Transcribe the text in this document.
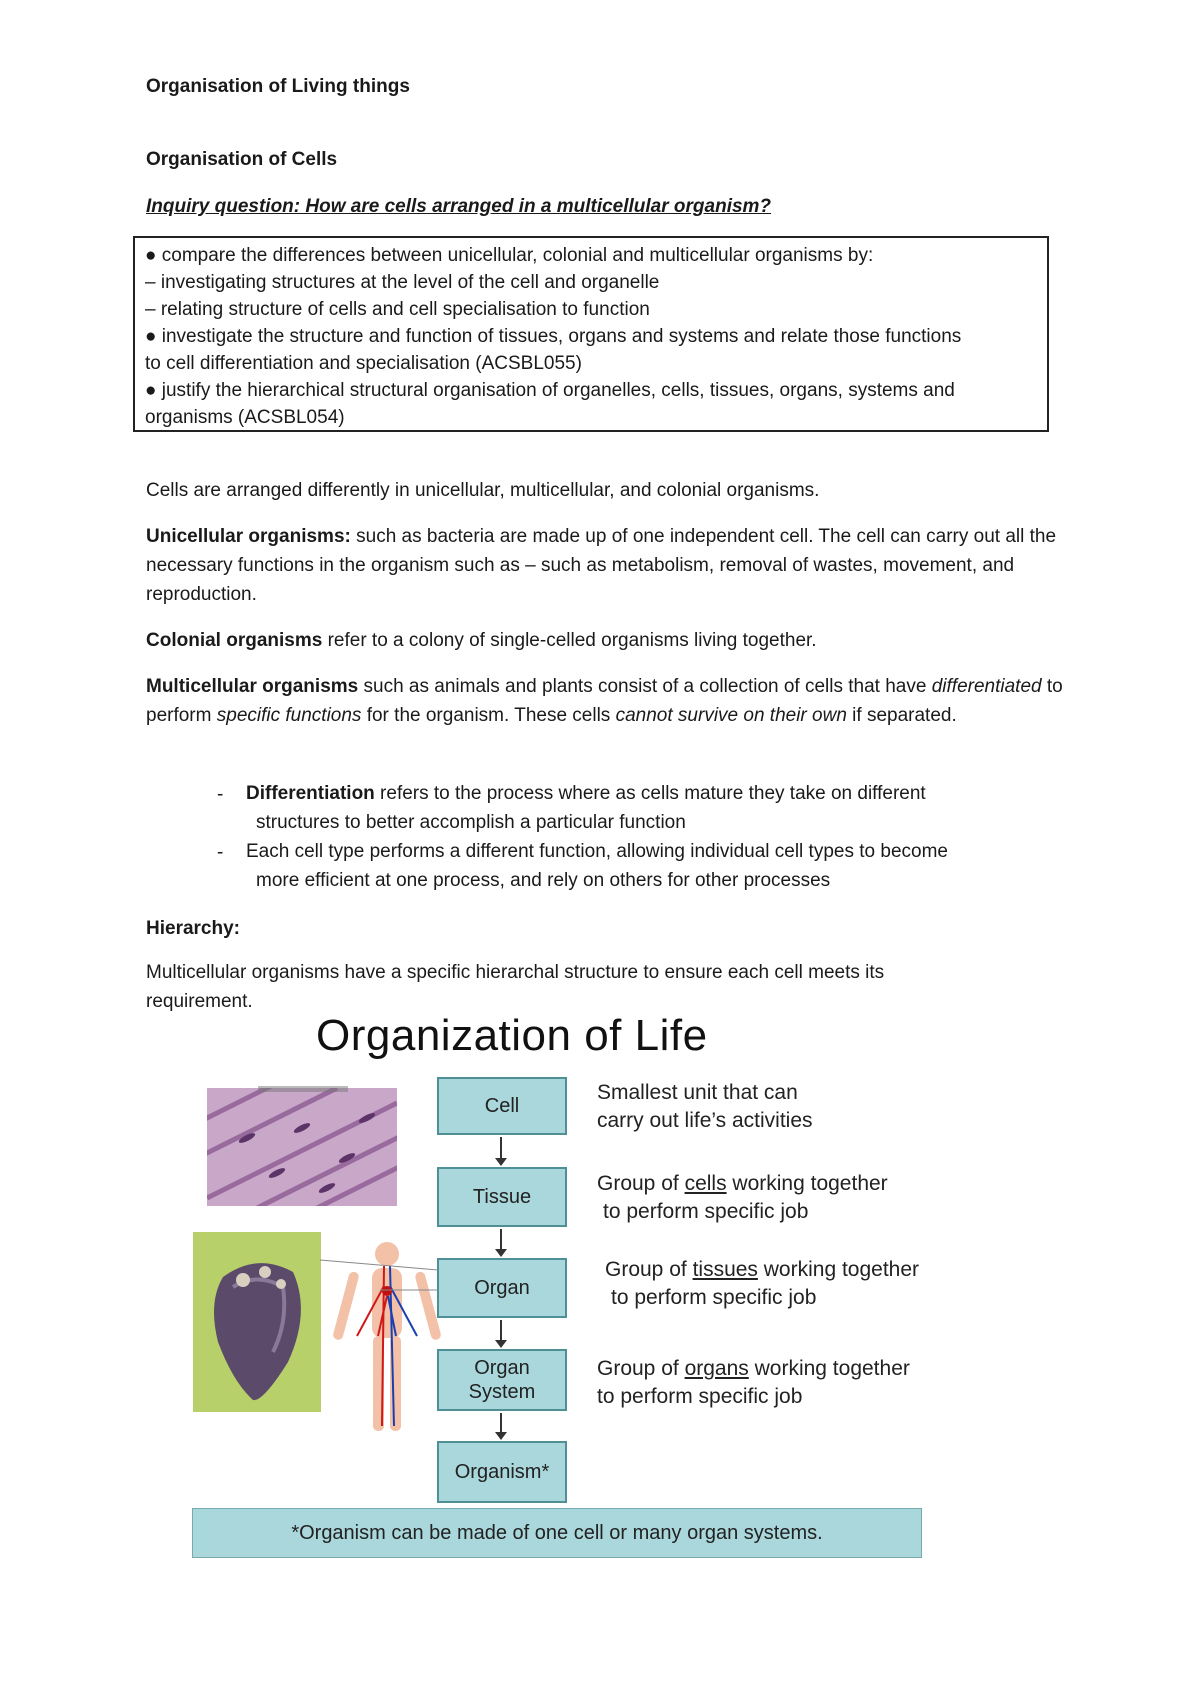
Organisation of Living things
Organisation of Cells
Inquiry question: How are cells arranged in a multicellular organism?
● compare the differences between unicellular, colonial and multicellular organisms by:
– investigating structures at the level of the cell and organelle
– relating structure of cells and cell specialisation to function
● investigate the structure and function of tissues, organs and systems and relate those functions
to cell differentiation and specialisation (ACSBL055)
● justify the hierarchical structural organisation of organelles, cells, tissues, organs, systems and
organisms (ACSBL054)
Cells are arranged differently in unicellular, multicellular, and colonial organisms.
Unicellular organisms: such as bacteria are made up of one independent cell. The cell can carry out all the necessary functions in the organism such as – such as metabolism, removal of wastes, movement, and reproduction.
Colonial organisms refer to a colony of single-celled organisms living together.
Multicellular organisms such as animals and plants consist of a collection of cells that have differentiated to perform specific functions for the organism. These cells cannot survive on their own if separated.
- Differentiation refers to the process where as cells mature they take on different
structures to better accomplish a particular function
- Each cell type performs a different function, allowing individual cell types to become
more efficient at one process, and rely on others for other processes
Hierarchy:
Multicellular organisms have a specific hierarchal structure to ensure each cell meets its requirement.
Organization of Life
Cell
Tissue
Organ
Organ
System
Organism*
Smallest unit that can
carry out life’s activities
Group of cells working together
to perform specific job
Group of tissues working together
to perform specific job
Group of organs working together
to perform specific job
*Organism can be made of one cell or many organ systems.
